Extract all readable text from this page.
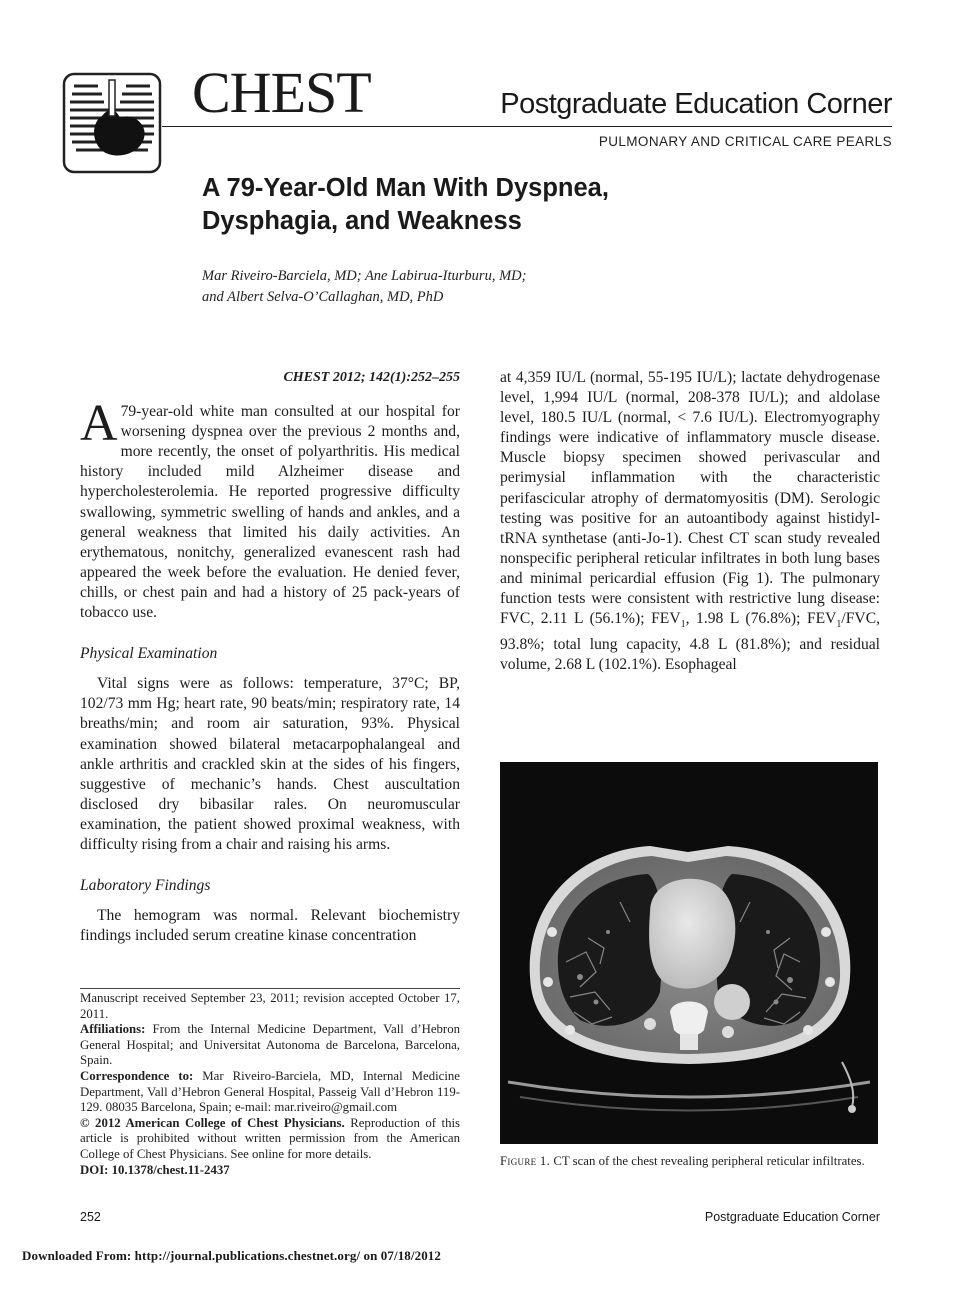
CHEST	Postgraduate Education Corner
PULMONARY AND CRITICAL CARE PEARLS
A 79-Year-Old Man With Dyspnea,
Dysphagia, and Weakness
Mar Riveiro-Barciela, MD; Ane Labirua-Iturburu, MD;
and Albert Selva-O’Callaghan, MD, PhD

CHEST 2012; 142(1):252–255

A 79-year-old white man consulted at our hospital for worsening dyspnea over the previous 2 months and, more recently, the onset of polyarthritis. His medical history included mild Alzheimer disease and hypercholesterolemia. He reported progressive difficulty swallowing, symmetric swelling of hands and ankles, and a general weakness that limited his daily activities. An erythematous, nonitchy, generalized evanescent rash had appeared the week before the evaluation. He denied fever, chills, or chest pain and had a history of 25 pack-years of tobacco use.

Physical Examination

Vital signs were as follows: temperature, 37°C; BP, 102/73 mm Hg; heart rate, 90 beats/min; respiratory rate, 14 breaths/min; and room air saturation, 93%. Physical examination showed bilateral metacarpophalangeal and ankle arthritis and crackled skin at the sides of his fingers, suggestive of mechanic’s hands. Chest auscultation disclosed dry bibasilar rales. On neuromuscular examination, the patient showed proximal weakness, with difficulty rising from a chair and raising his arms.

Laboratory Findings

The hemogram was normal. Relevant biochemistry findings included serum creatine kinase concentration

at 4,359 IU/L (normal, 55-195 IU/L); lactate dehydrogenase level, 1,994 IU/L (normal, 208-378 IU/L); and aldolase level, 180.5 IU/L (normal, < 7.6 IU/L). Electromyography findings were indicative of inflammatory muscle disease. Muscle biopsy specimen showed perivascular and perimysial inflammation with the characteristic perifascicular atrophy of dermatomyositis (DM). Serologic testing was positive for an autoantibody against histidyl-tRNA synthetase (anti-Jo-1). Chest CT scan study revealed nonspecific peripheral reticular infiltrates in both lung bases and minimal pericardial effusion (Fig 1). The pulmonary function tests were consistent with restrictive lung disease: FVC, 2.11 L (56.1%); $FEV_1$, 1.98 L (76.8%); $FEV_1$/FVC, 93.8%; total lung capacity, 4.8 L (81.8%); and residual volume, 2.68 L (102.1%). Esophageal

Manuscript received September 23, 2011; revision accepted October 17, 2011.

Affiliations: From the Internal Medicine Department, Vall d’Hebron General Hospital; and Universitat Autonoma de Barcelona, Barcelona, Spain.

Correspondence to: Mar Riveiro-Barciela, MD, Internal Medicine Department, Vall d’Hebron General Hospital, Passeig Vall d’Hebron 119-129. 08035 Barcelona, Spain; e-mail: mar.riveiro@gmail.com

© 2012 American College of Chest Physicians. Reproduction of this article is prohibited without written permission from the American College of Chest Physicians. See online for more details.

DOI: 10.1378/chest.11-2437

Figure 1. CT scan of the chest revealing peripheral reticular infiltrates.
252	Postgraduate Education Corner
Downloaded From: http://journal.publications.chestnet.org/ on 07/18/2012
